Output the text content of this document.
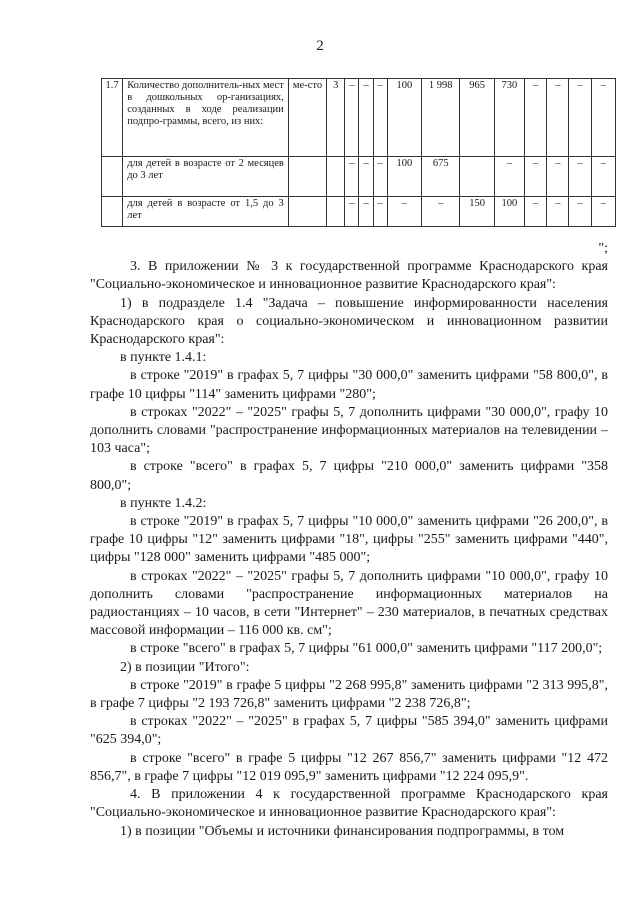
2
1.7	Количество дополнитель-ных мест в дошкольных ор-ганизациях, созданных в ходе реализации подпро-граммы, всего, из них:	ме-сто	3	–	–	–	100	1 998	965	730	–	–	–	–
	для детей в возрасте от 2 месяцев до 3 лет			–	–	–	100	675		–	–	–	–	–
	для детей в возрасте от 1,5 до 3 лет			–	–	–	–	–	150	100	–	–	–	–

";

3. В приложении № 3 к государственной программе Краснодарского края "Социально-экономическое и инновационное развитие Краснодарского края":

1) в подразделе 1.4 "Задача – повышение информированности населения Краснодарского края о социально-экономическом и инновационном развитии Краснодарского края":

в пункте 1.4.1:

в строке "2019" в графах 5, 7 цифры "30 000,0" заменить цифрами "58 800,0", в графе 10 цифры "114" заменить цифрами "280";

в строках "2022" – "2025" графы 5, 7 дополнить цифрами "30 000,0", графу 10 дополнить словами "распространение информационных материалов на телевидении – 103 часа";

в строке "всего" в графах 5, 7 цифры "210 000,0" заменить цифрами "358 800,0";

в пункте 1.4.2:

в строке "2019" в графах 5, 7 цифры "10 000,0" заменить цифрами "26 200,0", в графе 10 цифры "12" заменить цифрами "18", цифры "255" заменить цифрами "440", цифры "128 000" заменить цифрами "485 000";

в строках "2022" – "2025" графы 5, 7 дополнить цифрами "10 000,0", графу 10 дополнить словами "распространение информационных материалов на радиостанциях – 10 часов, в сети "Интернет" – 230 материалов, в печатных средствах массовой информации – 116 000 кв. см";

в строке "всего" в графах 5, 7 цифры "61 000,0" заменить цифрами "117 200,0";

2) в позиции "Итого":

в строке "2019" в графе 5 цифры "2 268 995,8" заменить цифрами "2 313 995,8", в графе 7 цифры "2 193 726,8" заменить цифрами "2 238 726,8";

в строках "2022" – "2025" в графах 5, 7 цифры "585 394,0" заменить цифрами "625 394,0";

в строке "всего" в графе 5 цифры "12 267 856,7" заменить цифрами "12 472 856,7", в графе 7 цифры "12 019 095,9" заменить цифрами "12 224 095,9".

4. В приложении 4 к государственной программе Краснодарского края "Социально-экономическое и инновационное развитие Краснодарского края":

1) в позиции "Объемы и источники финансирования подпрограммы, в том
